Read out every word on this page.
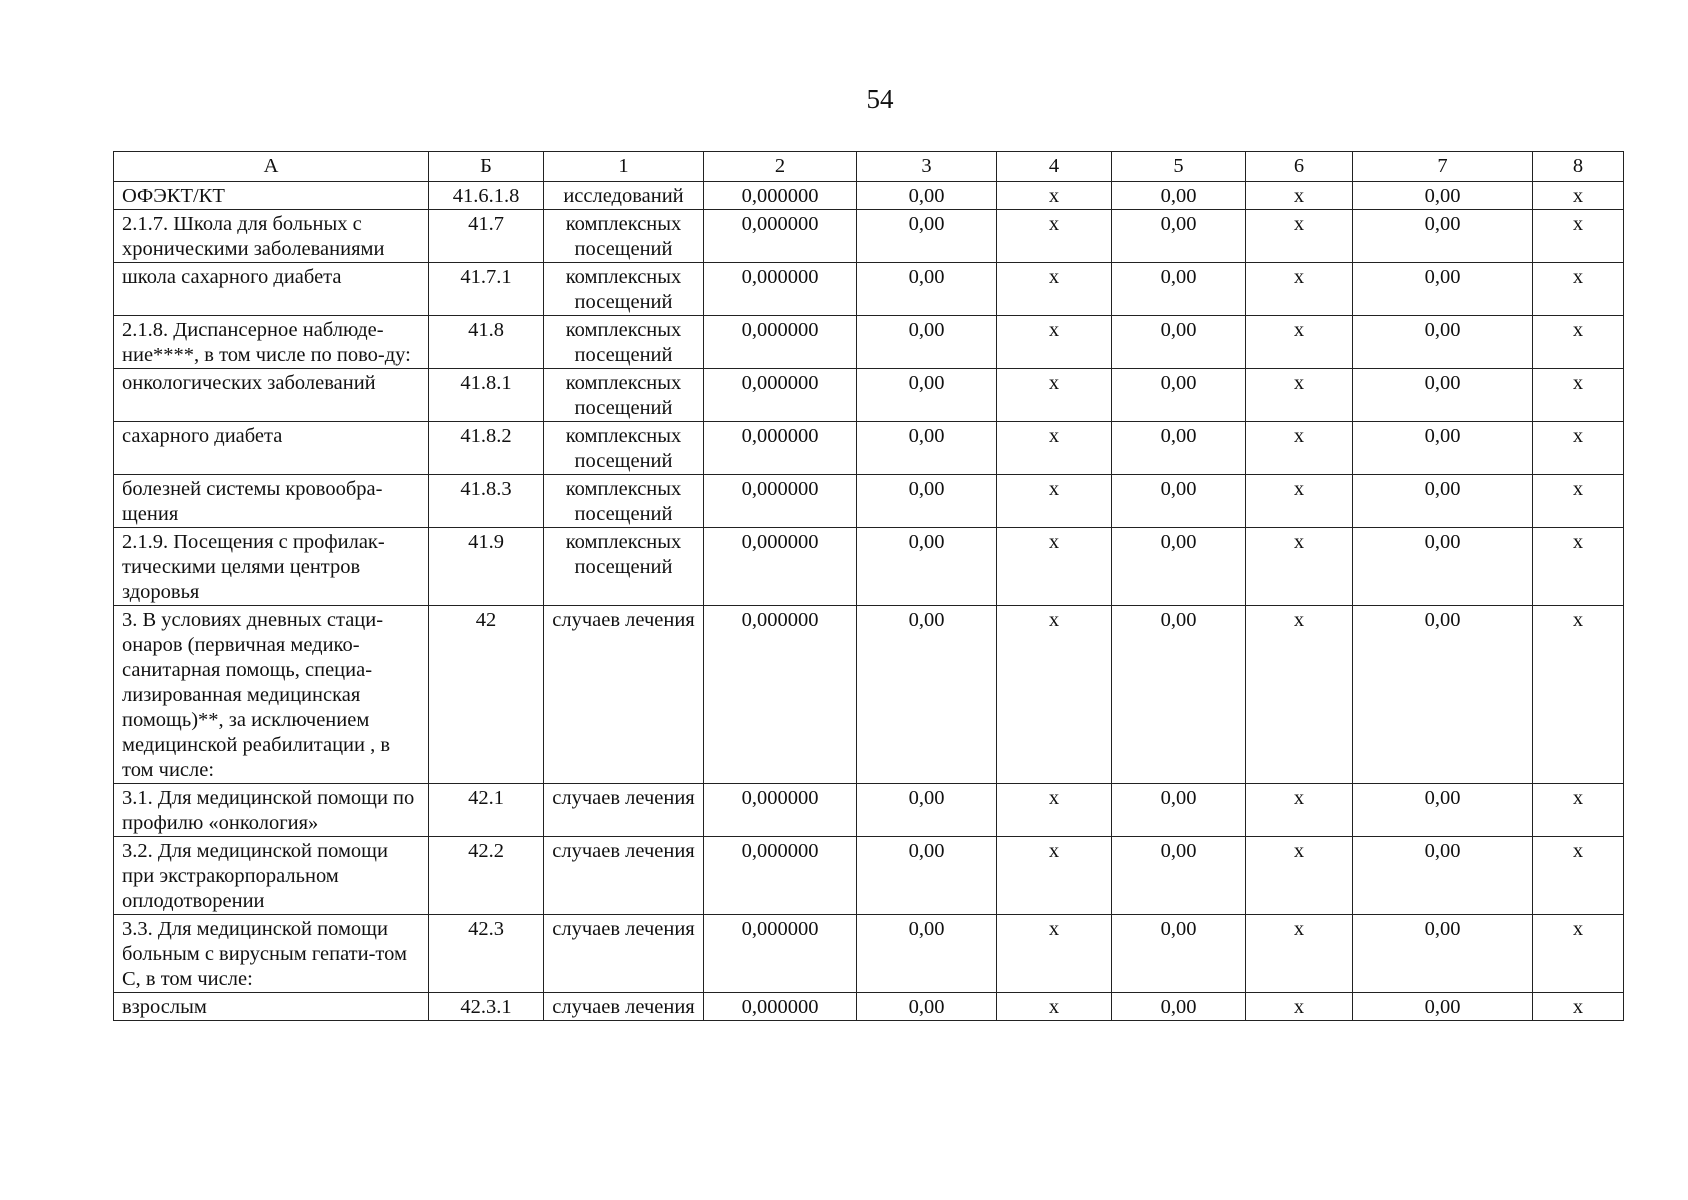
54
А	Б	1	2	3	4	5	6	7	8
ОФЭКТ/КТ	41.6.1.8	исследований	0,000000	0,00	x	0,00	x	0,00	x
2.1.7. Школа для больных с хроническими заболеваниями	41.7	комплексных посещений	0,000000	0,00	x	0,00	x	0,00	x
школа сахарного диабета	41.7.1	комплексных посещений	0,000000	0,00	x	0,00	x	0,00	x
2.1.8. Диспансерное наблюде-ние****, в том числе по пово-ду:	41.8	комплексных посещений	0,000000	0,00	x	0,00	x	0,00	x
онкологических заболеваний	41.8.1	комплексных посещений	0,000000	0,00	x	0,00	x	0,00	x
сахарного диабета	41.8.2	комплексных посещений	0,000000	0,00	x	0,00	x	0,00	x
болезней системы кровообра-щения	41.8.3	комплексных посещений	0,000000	0,00	x	0,00	x	0,00	x
2.1.9. Посещения с профилак-тическими целями центров здоровья	41.9	комплексных посещений	0,000000	0,00	x	0,00	x	0,00	x
3. В условиях дневных стаци-онаров (первичная медико-санитарная помощь, специа-лизированная медицинская помощь)**, за исключением медицинской реабилитации , в том числе:	42	случаев лечения	0,000000	0,00	x	0,00	x	0,00	x
3.1. Для медицинской помощи по профилю «онкология»	42.1	случаев лечения	0,000000	0,00	x	0,00	x	0,00	x
3.2. Для медицинской помощи при экстракорпоральном оплодотворении	42.2	случаев лечения	0,000000	0,00	x	0,00	x	0,00	x
3.3. Для медицинской помощи больным с вирусным гепати-том С, в том числе:	42.3	случаев лечения	0,000000	0,00	x	0,00	x	0,00	x
взрослым	42.3.1	случаев лечения	0,000000	0,00	x	0,00	x	0,00	x
